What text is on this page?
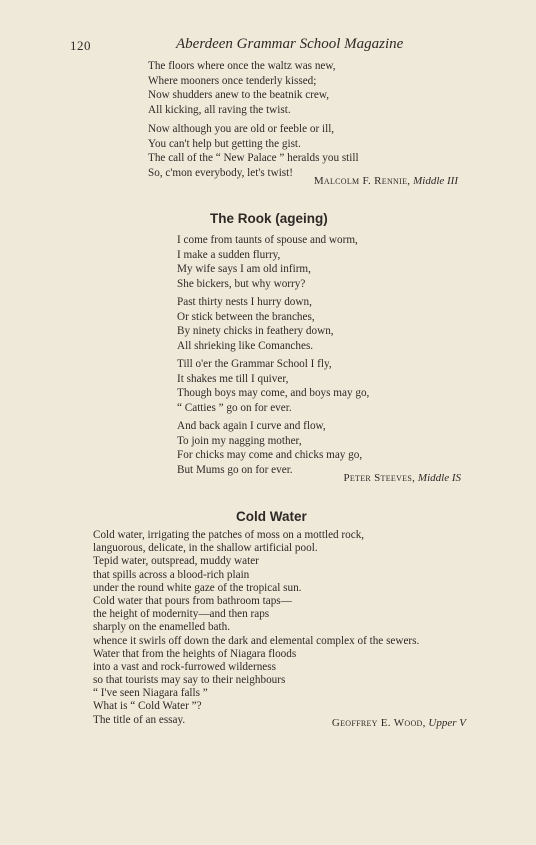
120	Aberdeen Grammar School Magazine
The floors where once the waltz was new,
Where mooners once tenderly kissed;
Now shudders anew to the beatnik crew,
All kicking, all raving the twist.
Now although you are old or feeble or ill,
You can't help but getting the gist.
The call of the “ New Palace ” heralds you still
So, c'mon everybody, let's twist!
Malcolm F. Rennie, Middle III
The Rook (ageing)
I come from taunts of spouse and worm,
I make a sudden flurry,
My wife says I am old infirm,
She bickers, but why worry?
Past thirty nests I hurry down,
Or stick between the branches,
By ninety chicks in feathery down,
All shrieking like Comanches.
Till o'er the Grammar School I fly,
It shakes me till I quiver,
Though boys may come, and boys may go,
“ Catties ” go on for ever.
And back again I curve and flow,
To join my nagging mother,
For chicks may come and chicks may go,
But Mums go on for ever.
Peter Steeves, Middle IS
Cold Water
Cold water, irrigating the patches of moss on a mottled rock,
languorous, delicate, in the shallow artificial pool.
Tepid water, outspread, muddy water
that spills across a blood-rich plain
under the round white gaze of the tropical sun.
Cold water that pours from bathroom taps—
the height of modernity—and then raps
sharply on the enamelled bath.
whence it swirls off down the dark and elemental complex of the sewers.
Water that from the heights of Niagara floods
into a vast and rock-furrowed wilderness
so that tourists may say to their neighbours
“ I've seen Niagara falls ”
What is “ Cold Water ”?
The title of an essay.	Geoffrey E. Wood, Upper V
